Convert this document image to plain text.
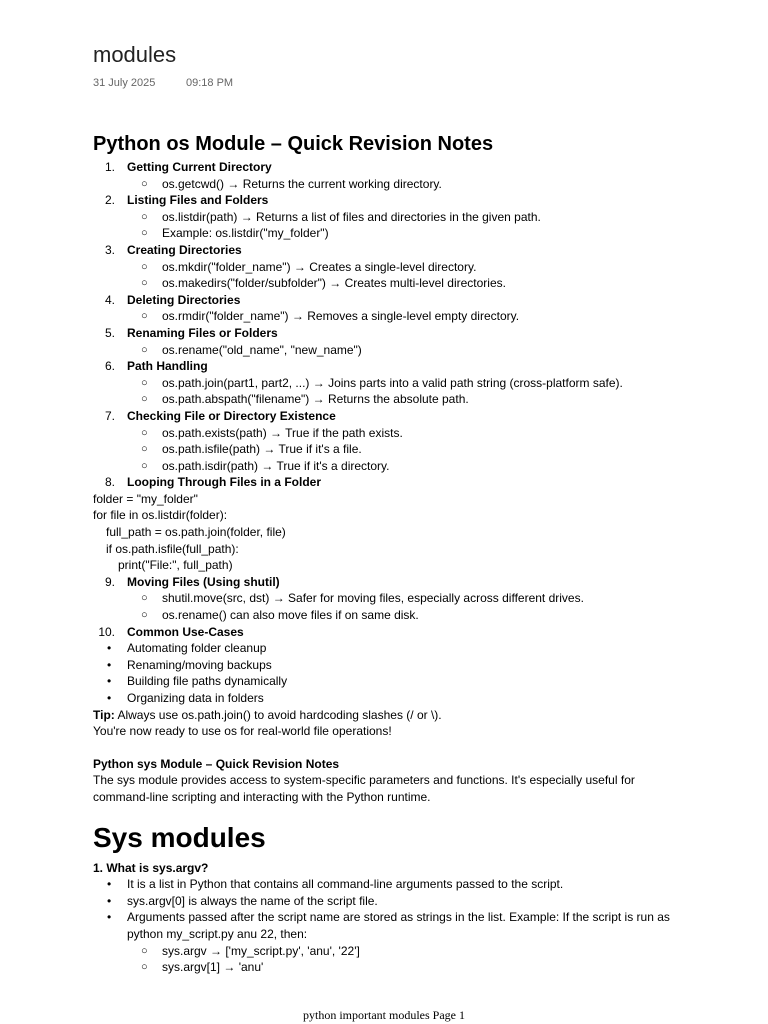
modules
31 July 2025	09:18 PM
Python os Module – Quick Revision Notes
1. Getting Current Directory
○ os.getcwd() → Returns the current working directory.
2. Listing Files and Folders
○ os.listdir(path) → Returns a list of files and directories in the given path.
○ Example: os.listdir("my_folder")
3. Creating Directories
○ os.mkdir("folder_name") → Creates a single-level directory.
○ os.makedirs("folder/subfolder") → Creates multi-level directories.
4. Deleting Directories
○ os.rmdir("folder_name") → Removes a single-level empty directory.
5. Renaming Files or Folders
○ os.rename("old_name", "new_name")
6. Path Handling
○ os.path.join(part1, part2, ...) → Joins parts into a valid path string (cross-platform safe).
○ os.path.abspath("filename") → Returns the absolute path.
7. Checking File or Directory Existence
○ os.path.exists(path) → True if the path exists.
○ os.path.isfile(path) → True if it's a file.
○ os.path.isdir(path) → True if it's a directory.
8. Looping Through Files in a Folder
folder = "my_folder"
for file in os.listdir(folder):
full_path = os.path.join(folder, file)
if os.path.isfile(full_path):
print("File:", full_path)
9. Moving Files (Using shutil)
○ shutil.move(src, dst) → Safer for moving files, especially across different drives.
○ os.rename() can also move files if on same disk.
10. Common Use-Cases
• Automating folder cleanup
• Renaming/moving backups
• Building file paths dynamically
• Organizing data in folders
Tip: Always use os.path.join() to avoid hardcoding slashes (/ or \).
You're now ready to use os for real-world file operations!
Python sys Module – Quick Revision Notes
The sys module provides access to system-specific parameters and functions. It's especially useful for command-line scripting and interacting with the Python runtime.
Sys modules
1. What is sys.argv?
• It is a list in Python that contains all command-line arguments passed to the script.
• sys.argv[0] is always the name of the script file.
• Arguments passed after the script name are stored as strings in the list. Example: If the script is run as python my_script.py anu 22, then:
○ sys.argv → ['my_script.py', 'anu', '22']
○ sys.argv[1] → 'anu'
python important modules Page 1
